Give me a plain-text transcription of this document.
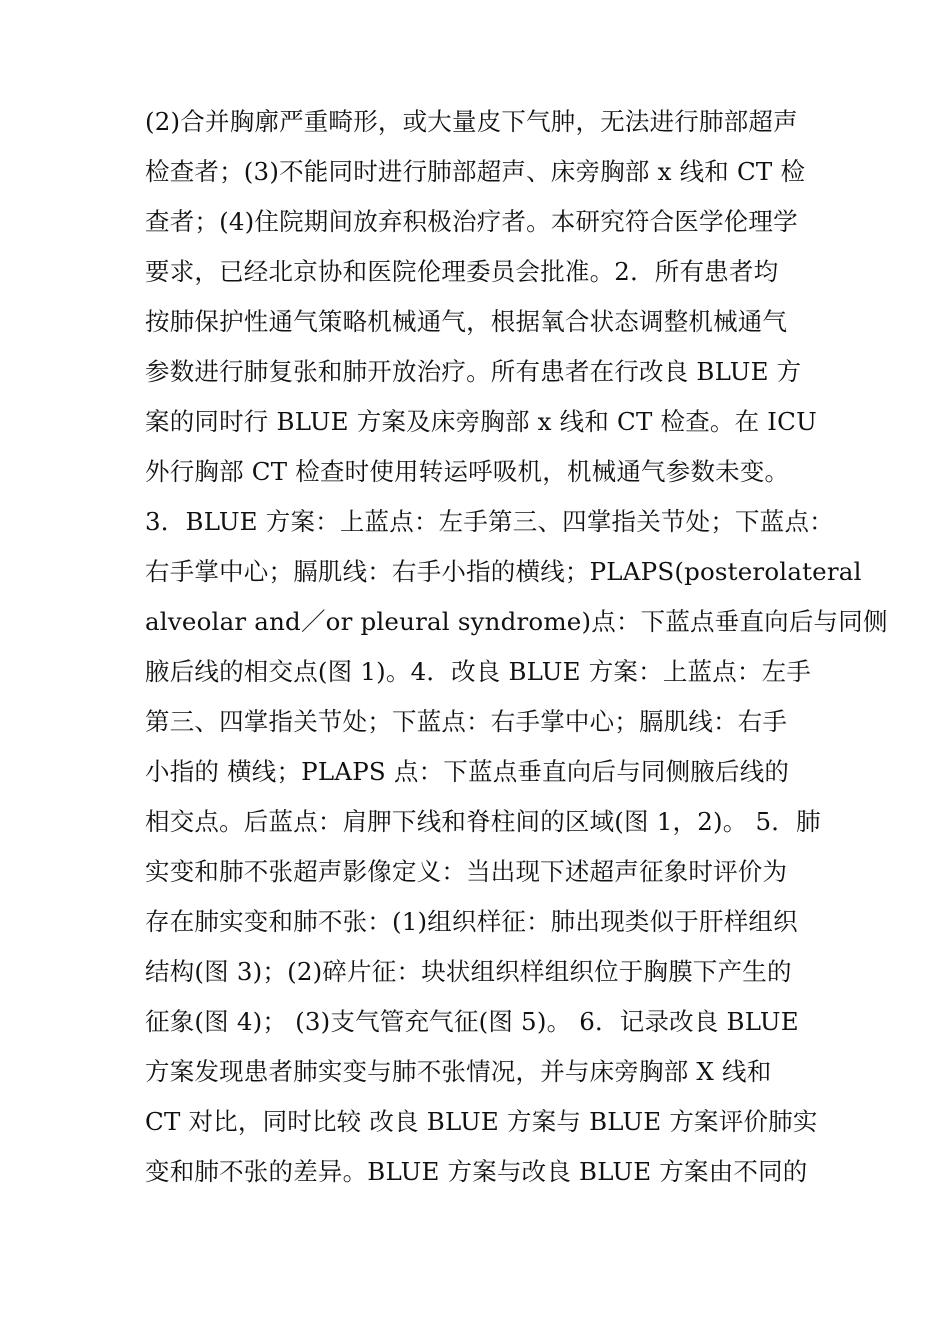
(2)合并胸廓严重畸形，或大量皮下气肿，无法进行肺部超声
检查者；(3)不能同时进行肺部超声、床旁胸部 x 线和 CT 检
查者；(4)住院期间放弃积极治疗者。本研究符合医学伦理学
要求，已经北京协和医院伦理委员会批准。2．所有患者均
按肺保护性通气策略机械通气，根据氧合状态调整机械通气
参数进行肺复张和肺开放治疗。所有患者在行改良 BLUE 方
案的同时行 BLUE 方案及床旁胸部 x 线和 CT 检查。在 ICU
外行胸部 CT 检查时使用转运呼吸机，机械通气参数未变。
3．BLUE 方案：上蓝点：左手第三、四掌指关节处；下蓝点：
右手掌中心；膈肌线：右手小指的横线；PLAPS(posterolateral
alveolar and／or pleural syndrome)点：下蓝点垂直向后与同侧
腋后线的相交点(图 1)。4．改良 BLUE 方案：上蓝点：左手
第三、四掌指关节处；下蓝点：右手掌中心；膈肌线：右手
小指的 横线；PLAPS 点：下蓝点垂直向后与同侧腋后线的
相交点。后蓝点：肩胛下线和脊柱间的区域(图 1，2)。 5．肺
实变和肺不张超声影像定义：当出现下述超声征象时评价为
存在肺实变和肺不张：(1)组织样征：肺出现类似于肝样组织
结构(图 3)；(2)碎片征：块状组织样组织位于胸膜下产生的
征象(图 4)； (3)支气管充气征(图 5)。 6．记录改良 BLUE
方案发现患者肺实变与肺不张情况，并与床旁胸部 X 线和
CT 对比，同时比较 改良 BLUE 方案与 BLUE 方案评价肺实
变和肺不张的差异。BLUE 方案与改良 BLUE 方案由不同的
